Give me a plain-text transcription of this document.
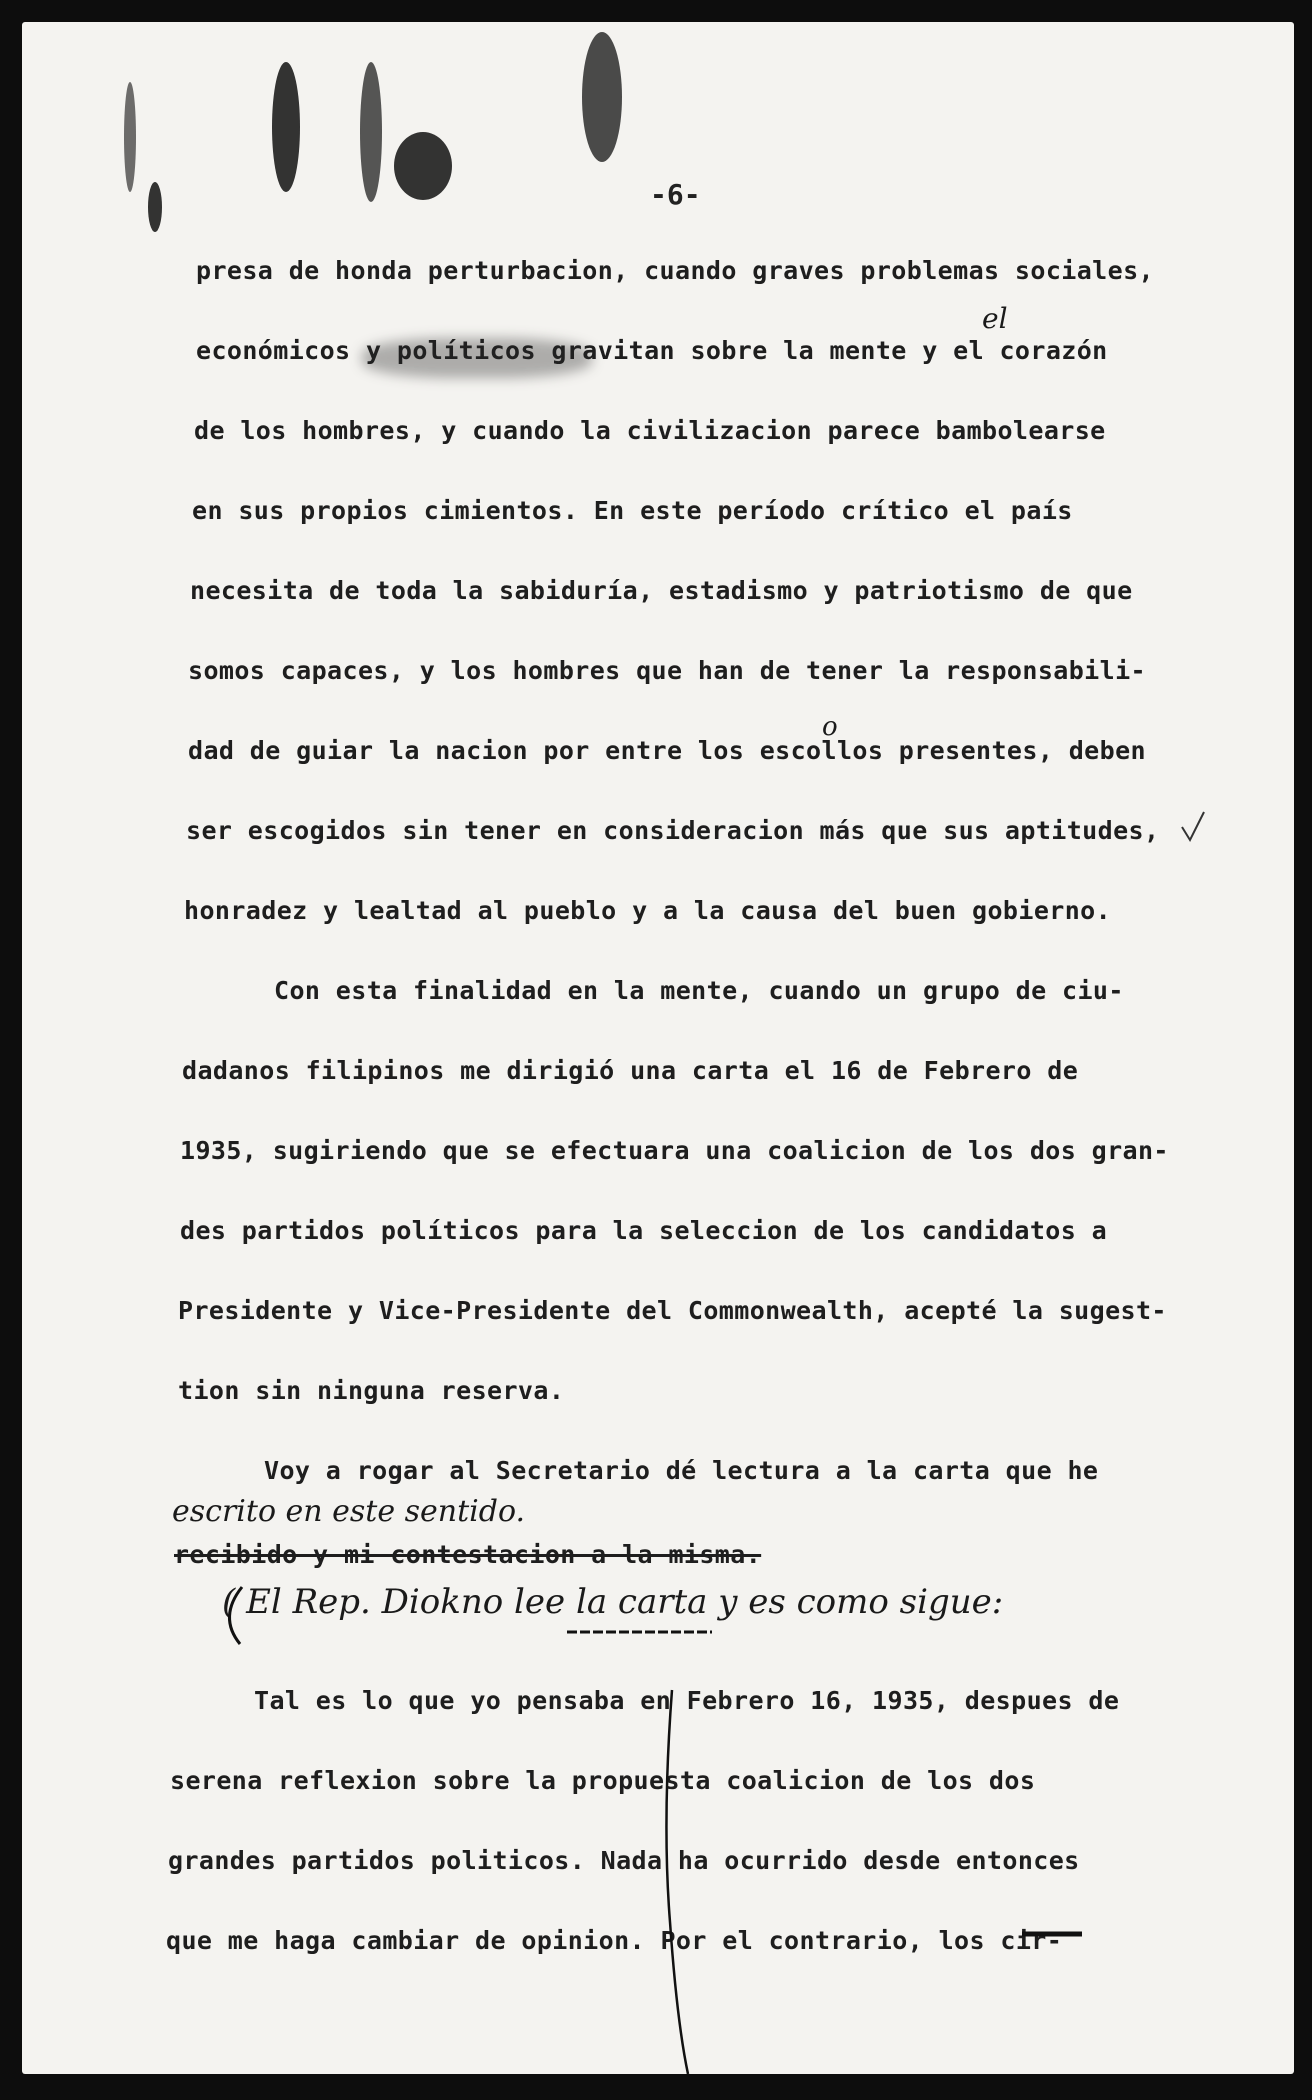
-6-
presa de honda perturbacion, cuando graves problemas sociales,
económicos y políticos gravitan sobre la mente y el corazón
el
de los hombres, y cuando la civilizacion parece bambolearse
en sus propios cimientos. En este período crítico el país
necesita de toda la sabiduría, estadismo y patriotismo de que
somos capaces, y los hombres que han de tener la responsabili-
dad de guiar la nacion por entre los escollos presentes, deben
o
ser escogidos sin tener en consideracion más que sus aptitudes,
honradez y lealtad al pueblo y a la causa del buen gobierno.
Con esta finalidad en la mente, cuando un grupo de ciu-
dadanos filipinos me dirigió una carta el 16 de Febrero de
1935, sugiriendo que se efectuara una coalicion de los dos gran-
des partidos políticos para la seleccion de los candidatos a
Presidente y Vice-Presidente del Commonwealth, acepté la sugest-
tion sin ninguna reserva.
Voy a rogar al Secretario dé lectura a la carta que he
escrito en este sentido.
recibido y mi contestacion a la misma.
( El Rep. Diokno lee la carta y es como sigue:
Tal es lo que yo pensaba en Febrero 16, 1935, despues de
serena reflexion sobre la propuesta coalicion de los dos
grandes partidos politicos. Nada ha ocurrido desde entonces
que me haga cambiar de opinion. Por el contrario, los cir-
